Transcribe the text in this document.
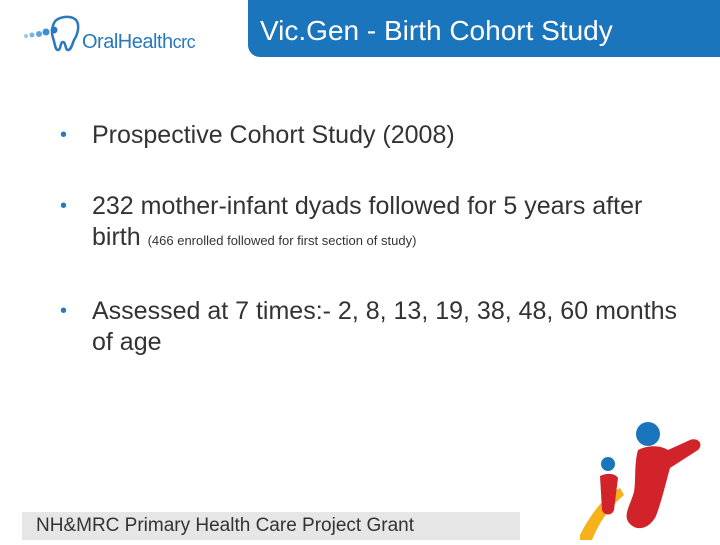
OralHealthcrc	Vic.Gen - Birth Cohort Study
• Prospective Cohort Study (2008)
• 232 mother-infant dyads followed for 5 years after birth (466 enrolled followed for first section of study)
• Assessed at 7 times:- 2, 8, 13, 19, 38, 48, 60 months of age
NH&MRC Primary Health Care Project Grant
